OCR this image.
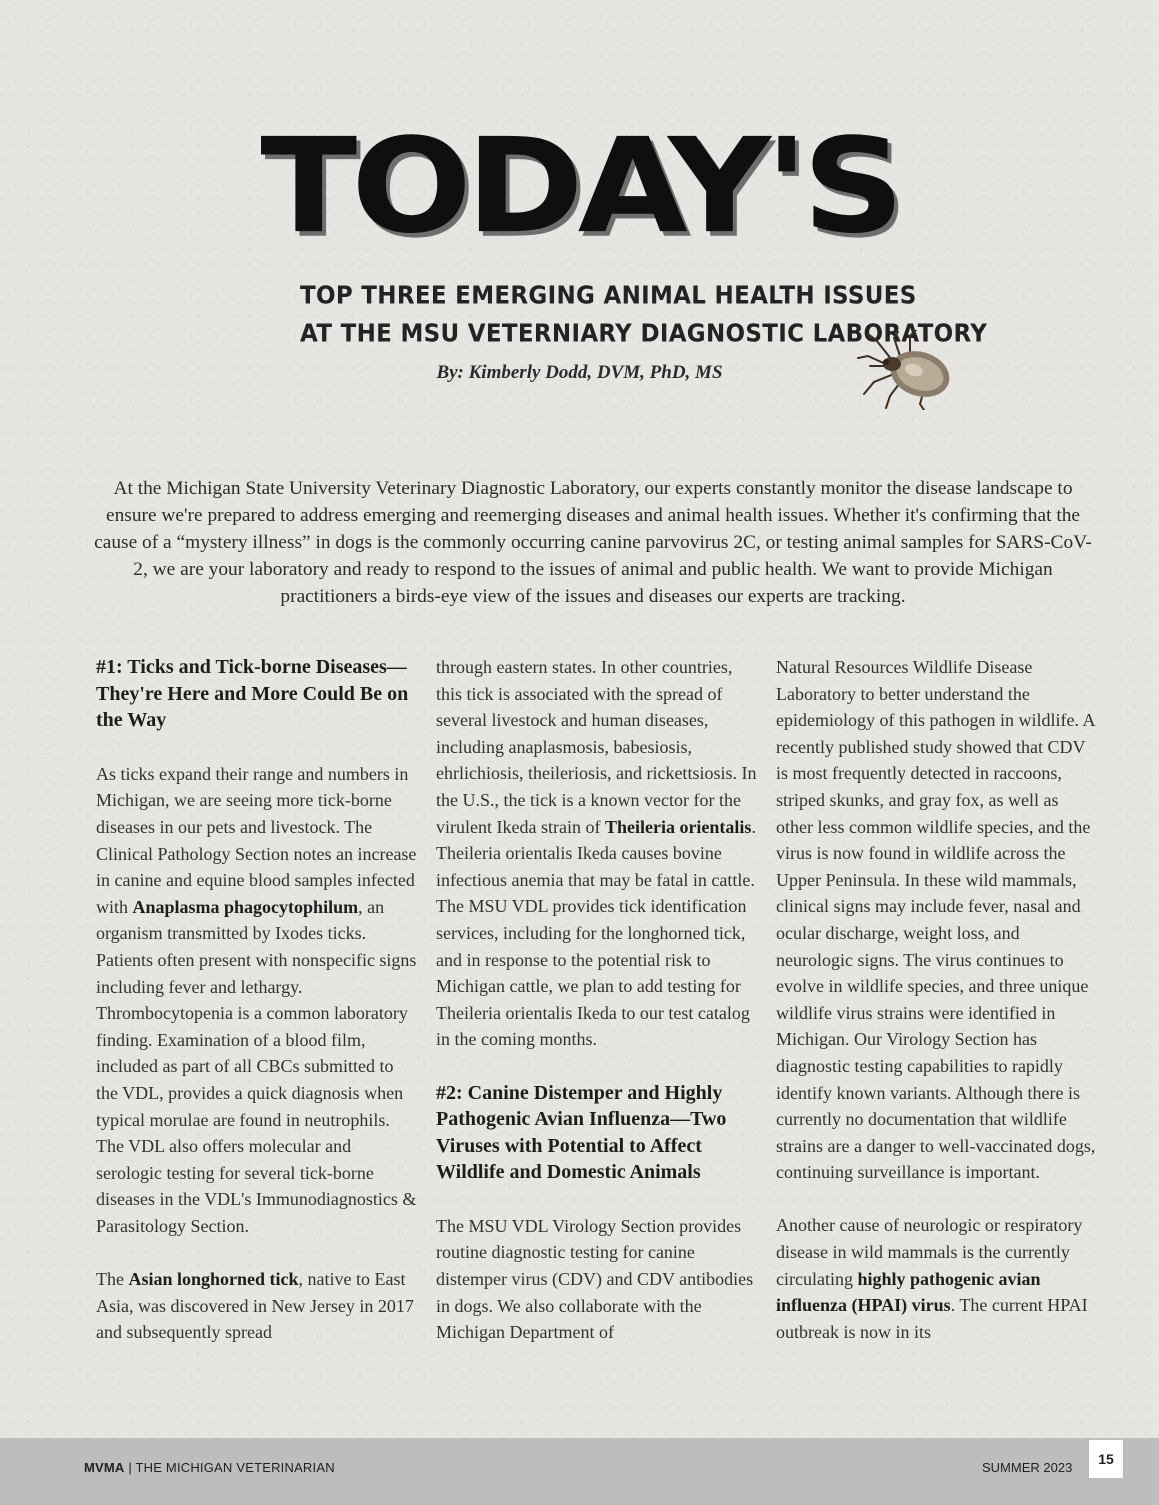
TODAY'S
TOP THREE EMERGING ANIMAL HEALTH ISSUES
AT THE MSU VETERNIARY DIAGNOSTIC LABORATORY
By: Kimberly Dodd, DVM, PhD, MS

At the Michigan State University Veterinary Diagnostic Laboratory, our experts constantly monitor the disease landscape to ensure we're prepared to address emerging and reemerging diseases and animal health issues. Whether it's confirming that the cause of a “mystery illness” in dogs is the commonly occurring canine parvovirus 2C, or testing animal samples for SARS-CoV-2, we are your laboratory and ready to respond to the issues of animal and public health. We want to provide Michigan practitioners a birds-eye view of the issues and diseases our experts are tracking.

#1: Ticks and Tick-borne Diseases—They're Here and More Could Be on the Way

As ticks expand their range and numbers in Michigan, we are seeing more tick-borne diseases in our pets and livestock. The Clinical Pathology Section notes an increase in canine and equine blood samples infected with Anaplasma phagocytophilum, an organism transmitted by Ixodes ticks. Patients often present with nonspecific signs including fever and lethargy. Thrombocytopenia is a common laboratory finding. Examination of a blood film, included as part of all CBCs submitted to the VDL, provides a quick diagnosis when typical morulae are found in neutrophils. The VDL also offers molecular and serologic testing for several tick-borne diseases in the VDL's Immunodiagnostics & Parasitology Section.

The Asian longhorned tick, native to East Asia, was discovered in New Jersey in 2017 and subsequently spread

through eastern states. In other countries, this tick is associated with the spread of several livestock and human diseases, including anaplasmosis, babesiosis, ehrlichiosis, theileriosis, and rickettsiosis. In the U.S., the tick is a known vector for the virulent Ikeda strain of Theileria orientalis. Theileria orientalis Ikeda causes bovine infectious anemia that may be fatal in cattle. The MSU VDL provides tick identification services, including for the longhorned tick, and in response to the potential risk to Michigan cattle, we plan to add testing for Theileria orientalis Ikeda to our test catalog in the coming months.

#2: Canine Distemper and Highly Pathogenic Avian Influenza—Two Viruses with Potential to Affect Wildlife and Domestic Animals

The MSU VDL Virology Section provides routine diagnostic testing for canine distemper virus (CDV) and CDV antibodies in dogs. We also collaborate with the Michigan Department of

Natural Resources Wildlife Disease Laboratory to better understand the epidemiology of this pathogen in wildlife. A recently published study showed that CDV is most frequently detected in raccoons, striped skunks, and gray fox, as well as other less common wildlife species, and the virus is now found in wildlife across the Upper Peninsula. In these wild mammals, clinical signs may include fever, nasal and ocular discharge, weight loss, and neurologic signs. The virus continues to evolve in wildlife species, and three unique wildlife virus strains were identified in Michigan. Our Virology Section has diagnostic testing capabilities to rapidly identify known variants. Although there is currently no documentation that wildlife strains are a danger to well-vaccinated dogs, continuing surveillance is important.

Another cause of neurologic or respiratory disease in wild mammals is the currently circulating highly pathogenic avian influenza (HPAI) virus. The current HPAI outbreak is now in its

MVMA | THE MICHIGAN VETERINARIAN	SUMMER 2023
15
